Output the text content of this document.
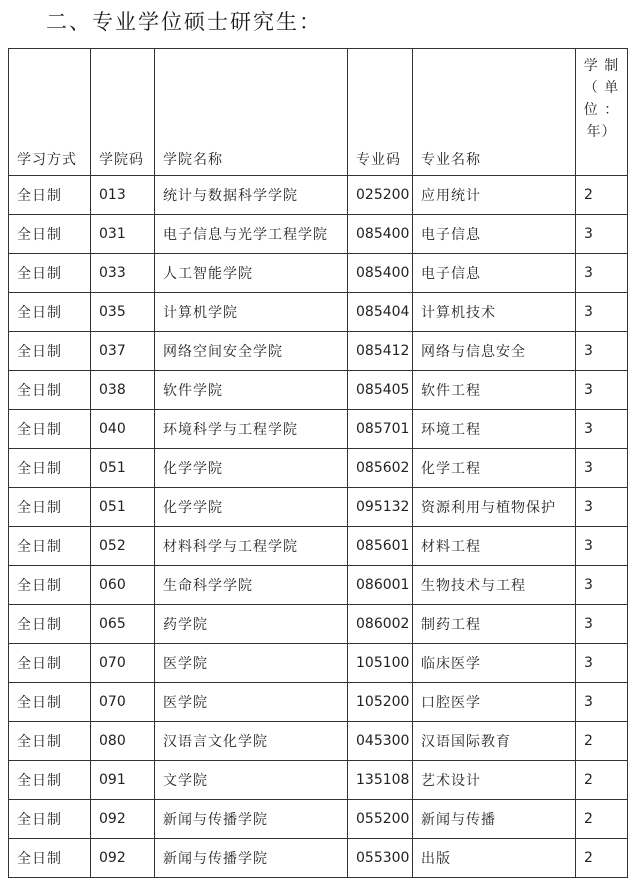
二、专业学位硕士研究生：
学习方式	学院码	学院名称	专业码	专业名称	学 制
（ 单
位 ：
年）

全日制	013	统计与数据科学学院	025200	应用统计	2
全日制	031	电子信息与光学工程学院	085400	电子信息	3
全日制	033	人工智能学院	085400	电子信息	3
全日制	035	计算机学院	085404	计算机技术	3
全日制	037	网络空间安全学院	085412	网络与信息安全	3
全日制	038	软件学院	085405	软件工程	3
全日制	040	环境科学与工程学院	085701	环境工程	3
全日制	051	化学学院	085602	化学工程	3
全日制	051	化学学院	095132	资源利用与植物保护	3
全日制	052	材料科学与工程学院	085601	材料工程	3
全日制	060	生命科学学院	086001	生物技术与工程	3
全日制	065	药学院	086002	制药工程	3
全日制	070	医学院	105100	临床医学	3
全日制	070	医学院	105200	口腔医学	3
全日制	080	汉语言文化学院	045300	汉语国际教育	2
全日制	091	文学院	135108	艺术设计	2
全日制	092	新闻与传播学院	055200	新闻与传播	2
全日制	092	新闻与传播学院	055300	出版	2
